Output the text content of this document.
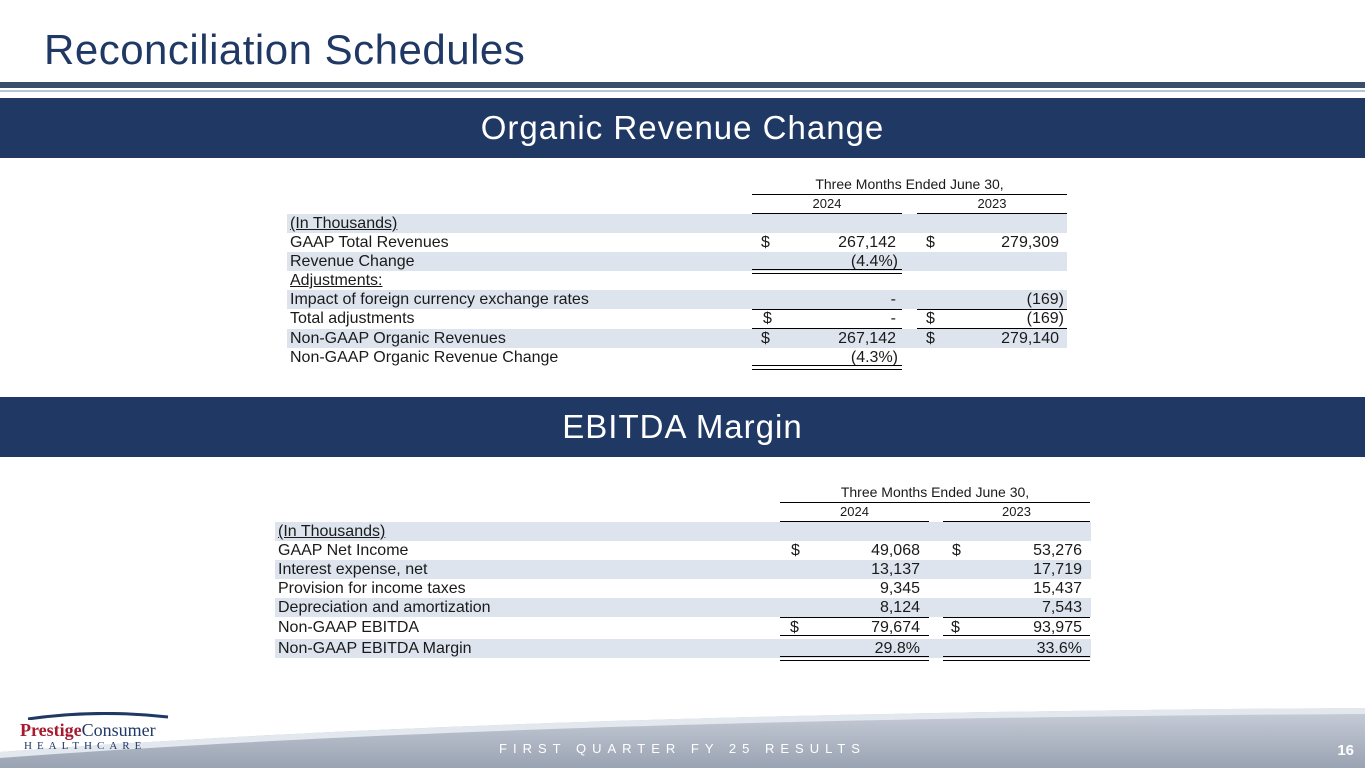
Reconciliation Schedules
Organic Revenue Change
Three Months Ended June 30,
2024	2023
(In Thousands)
GAAP Total Revenues	$	267,142 $	279,309
Revenue Change	(4.4%)
Adjustments:
Impact of foreign currency exchange rates	-	(169)
Total adjustments	$	- $	(169)
Non-GAAP Organic Revenues	$	267,142 $	279,140
Non-GAAP Organic Revenue Change	(4.3%)
EBITDA Margin
Three Months Ended June 30,
2024	2023
(In Thousands)
GAAP Net Income	$	49,068 $	53,276
Interest expense, net	13,137	17,719
Provision for income taxes	9,345	15,437
Depreciation and amortization	8,124	7,543
Non-GAAP EBITDA	$	79,674 $	93,975
Non-GAAP EBITDA Margin	29.8%	33.6%
PrestigeConsumer
HEALTHCARE	FIRST QUARTER FY 25 RESULTS	16
